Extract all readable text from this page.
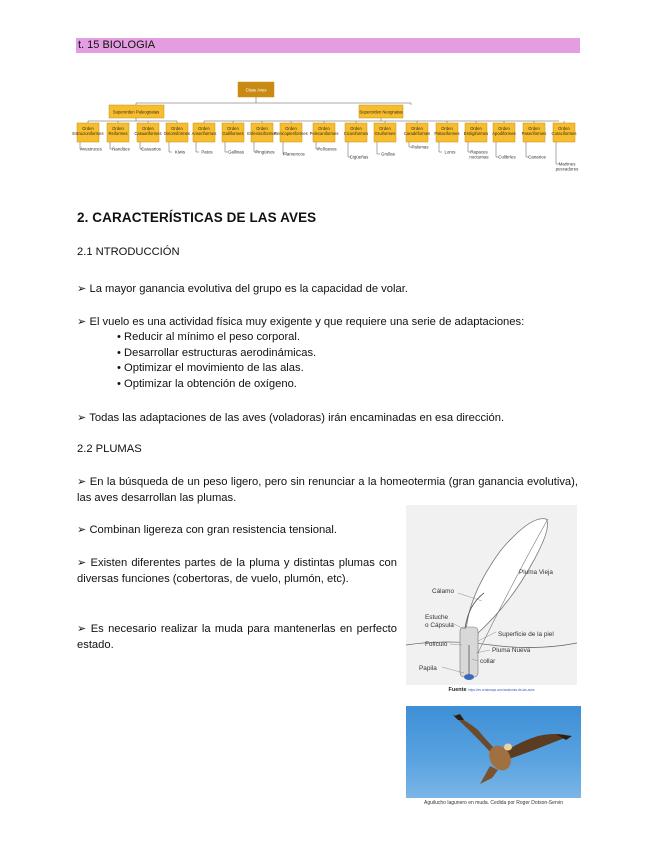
t. 15 BIOLOGIA
Clase Aves
Superorden Paleognatas	Superorden Neognatas
Orden
Estrucioniformes
Avestruces
Orden
Reiformes
Ñandúes
Orden
Casuariformes
Casuarios
Orden
Dinorniformes
Kiwis
Orden
Anseriformes
Patos
Orden
Galliformes
Gallinas
Orden
Esfenisciformes
Pingüinos
Orden
Fenicopteriformes
Flamencos
Orden
Pelecaniformes
Pelícanos
Orden
Ciconiformes
Cigüeñas
Orden
Gruiformes
Grullas
Orden
Caradriformes
Palomas
Orden
Psitaciformes
Loros
Orden
Estrigiformes
Rapaces
nocturnas
Orden
Apodiformes
Colibríes
Orden
Paseriformes
Canarios
Orden
Coraciformes
Martines
pescadores
2. CARACTERÍSTICAS DE LAS AVES
2.1 NTRODUCCIÓN
➢ La mayor ganancia evolutiva del grupo es la capacidad de volar.
➢ El vuelo es una actividad física muy exigente y que requiere una serie de adaptaciones:
• Reducir al mínimo el peso corporal.
• Desarrollar estructuras aerodinámicas.
• Optimizar el movimiento de las alas.
• Optimizar la obtención de oxígeno.
➢ Todas las adaptaciones de las aves (voladoras) irán encaminadas en esa dirección.
2.2 PLUMAS
➢ En la búsqueda de un peso ligero, pero sin renunciar a la homeotermia (gran ganancia evolutiva), las aves desarrollan las plumas.
➢ Combinan ligereza con gran resistencia tensional.
➢ Existen diferentes partes de la pluma y distintas plumas con diversas funciones (cobertoras, de vuelo, plumón, etc).
➢ Es necesario realizar la muda para mantenerlas en perfecto estado.
Pluma Vieja
Cálamo
Estuche
o Cápsula
Superficie de la piel
Folículo
Pluma Nueva
collar
Papila
Fuente https://es.ornamaps.com/anatomia-de-las-aves
Aguilucho lagunero en muda. Cedida por Roger Dotson-Servin
